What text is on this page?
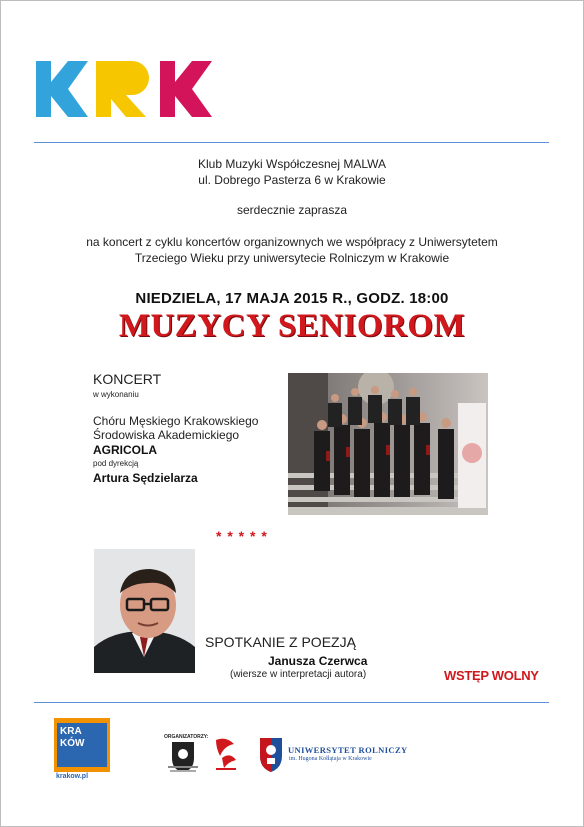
Klub Muzyki Współczesnej MALWA
ul. Dobrego Pasterza 6 w Krakowie
serdecznie zaprasza
na koncert z cyklu koncertów organizownych we współpracy z Uniwersytetem
Trzeciego Wieku przy uniwersytecie Rolniczym w Krakowie
NIEDZIELA, 17 MAJA 2015 R., GODZ. 18:00
MUZYCY SENIOROM
KONCERT
w wykonaniu
Chóru Męskiego Krakowskiego
Środowiska Akademickiego
AGRICOLA
pod dyrekcją
Artura Sędzielarza
* * * * *
SPOTKANIE Z POEZJĄ
Janusza Czerwca
(wiersze w interpretacji autora)	WSTĘP WOLNY
KRA
KÓW
krakow.pl
ORGANIZATORZY:
UNIWERSYTET ROLNICZY
im. Hugona Kołłątaja w Krakowie
